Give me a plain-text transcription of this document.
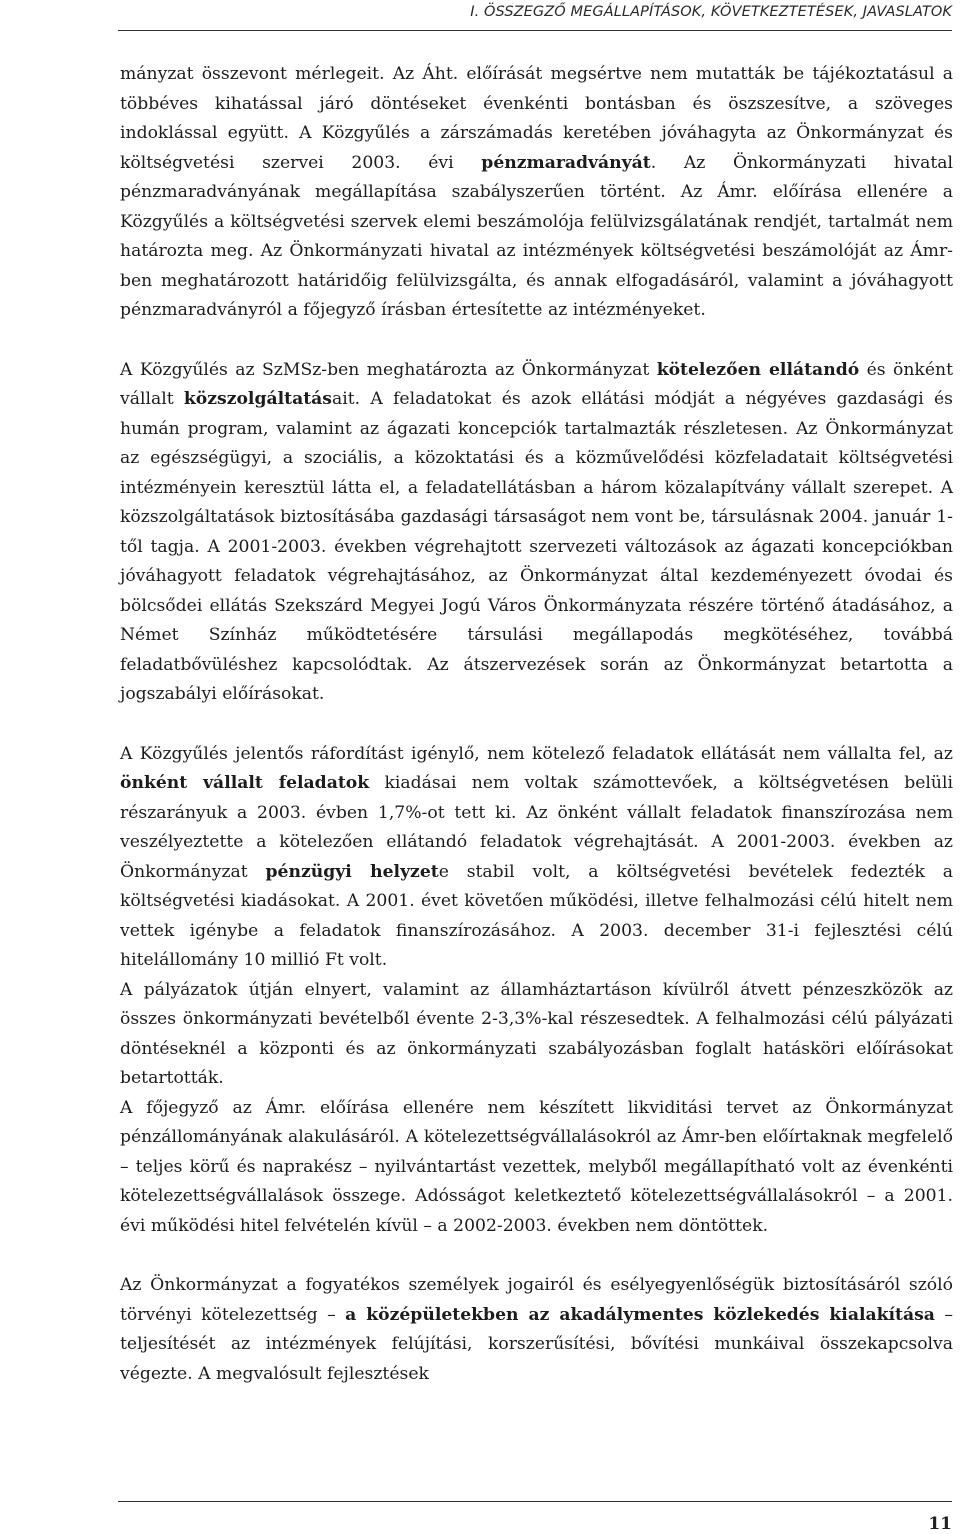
I. ÖSSZEGZŐ MEGÁLLAPÍTÁSOK, KÖVETKEZTETÉSEK, JAVASLATOK

mányzat összevont mérlegeit. Az Áht. előírását megsértve nem mutatták be tájékoztatásul a többéves kihatással járó döntéseket évenkénti bontásban és öszszesítve, a szöveges indoklással együtt. A Közgyűlés a zárszámadás keretében jóváhagyta az Önkormányzat és költségvetési szervei 2003. évi pénzmaradványát. Az Önkormányzati hivatal pénzmaradványának megállapítása szabályszerűen történt. Az Ámr. előírása ellenére a Közgyűlés a költségvetési szervek elemi beszámolója felülvizsgálatának rendjét, tartalmát nem határozta meg. Az Önkormányzati hivatal az intézmények költségvetési beszámolóját az Ámr-ben meghatározott határidőig felülvizsgálta, és annak elfogadásáról, valamint a jóváhagyott pénzmaradványról a főjegyző írásban értesítette az intézményeket.

A Közgyűlés az SzMSz-ben meghatározta az Önkormányzat kötelezően ellátandó és önként vállalt közszolgáltatásait. A feladatokat és azok ellátási módját a négyéves gazdasági és humán program, valamint az ágazati koncepciók tartalmazták részletesen. Az Önkormányzat az egészségügyi, a szociális, a közoktatási és a közművelődési közfeladatait költségvetési intézményein keresztül látta el, a feladatellátásban a három közalapítvány vállalt szerepet. A közszolgáltatások biztosításába gazdasági társaságot nem vont be, társulásnak 2004. január 1-től tagja. A 2001-2003. években végrehajtott szervezeti változások az ágazati koncepciókban jóváhagyott feladatok végrehajtásához, az Önkormányzat által kezdeményezett óvodai és bölcsődei ellátás Szekszárd Megyei Jogú Város Önkormányzata részére történő átadásához, a Német Színház működtetésére társulási megállapodás megkötéséhez, továbbá feladatbővüléshez kapcsolódtak. Az átszervezések során az Önkormányzat betartotta a jogszabályi előírásokat.

A Közgyűlés jelentős ráfordítást igénylő, nem kötelező feladatok ellátását nem vállalta fel, az önként vállalt feladatok kiadásai nem voltak számottevőek, a költségvetésen belüli részarányuk a 2003. évben 1,7%-ot tett ki. Az önként vállalt feladatok finanszírozása nem veszélyeztette a kötelezően ellátandó feladatok végrehajtását. A 2001-2003. években az Önkormányzat pénzügyi helyzete stabil volt, a költségvetési bevételek fedezték a költségvetési kiadásokat. A 2001. évet követően működési, illetve felhalmozási célú hitelt nem vettek igénybe a feladatok finanszírozásához. A 2003. december 31-i fejlesztési célú hitelállomány 10 millió Ft volt.

A pályázatok útján elnyert, valamint az államháztartáson kívülről átvett pénzeszközök az összes önkormányzati bevételből évente 2-3,3%-kal részesedtek. A felhalmozási célú pályázati döntéseknél a központi és az önkormányzati szabályozásban foglalt hatásköri előírásokat betartották.

A főjegyző az Ámr. előírása ellenére nem készített likviditási tervet az Önkormányzat pénzállományának alakulásáról. A kötelezettségvállalásokról az Ámr-ben előírtaknak megfelelő – teljes körű és naprakész – nyilvántartást vezettek, melyből megállapítható volt az évenkénti kötelezettségvállalások összege. Adósságot keletkeztető kötelezettségvállalásokról – a 2001. évi működési hitel felvételén kívül – a 2002-2003. években nem döntöttek.

Az Önkormányzat a fogyatékos személyek jogairól és esélyegyenlőségük biztosításáról szóló törvényi kötelezettség – a középületekben az akadálymentes közlekedés kialakítása – teljesítését az intézmények felújítási, korszerűsítési, bővítési munkáival összekapcsolva végezte. A megvalósult fejlesztések

11
